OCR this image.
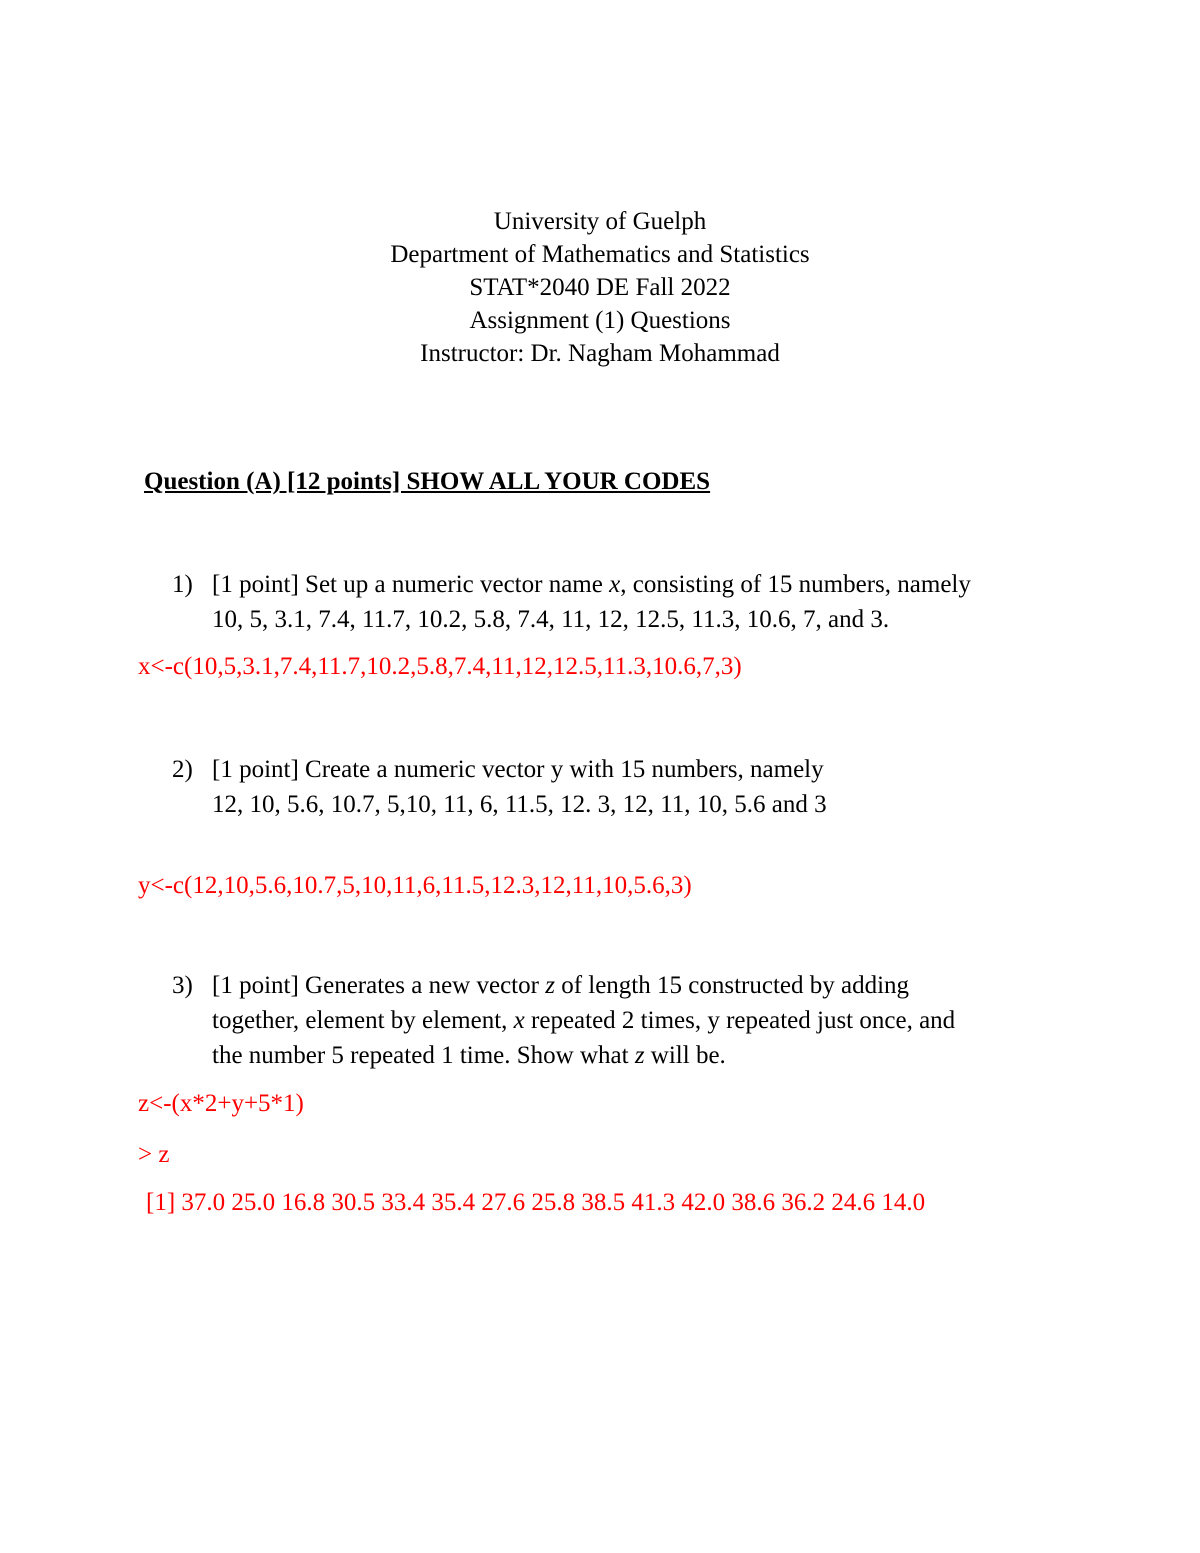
University of Guelph
Department of Mathematics and Statistics
STAT*2040 DE Fall 2022
Assignment (1) Questions
Instructor: Dr. Nagham Mohammad
Question (A) [12 points] SHOW ALL YOUR CODES
1) [1 point] Set up a numeric vector name x, consisting of 15 numbers, namely
10, 5, 3.1, 7.4, 11.7, 10.2, 5.8, 7.4, 11, 12, 12.5, 11.3, 10.6, 7, and 3.
x<-c(10,5,3.1,7.4,11.7,10.2,5.8,7.4,11,12,12.5,11.3,10.6,7,3)
2) [1 point] Create a numeric vector y with 15 numbers, namely
12, 10, 5.6, 10.7, 5,10, 11, 6, 11.5, 12. 3, 12, 11, 10, 5.6 and 3
y<-c(12,10,5.6,10.7,5,10,11,6,11.5,12.3,12,11,10,5.6,3)
3) [1 point] Generates a new vector z of length 15 constructed by adding
together, element by element, x repeated 2 times, y repeated just once, and
the number 5 repeated 1 time. Show what z will be.
z<-(x*2+y+5*1)
> z
[1] 37.0 25.0 16.8 30.5 33.4 35.4 27.6 25.8 38.5 41.3 42.0 38.6 36.2 24.6 14.0
